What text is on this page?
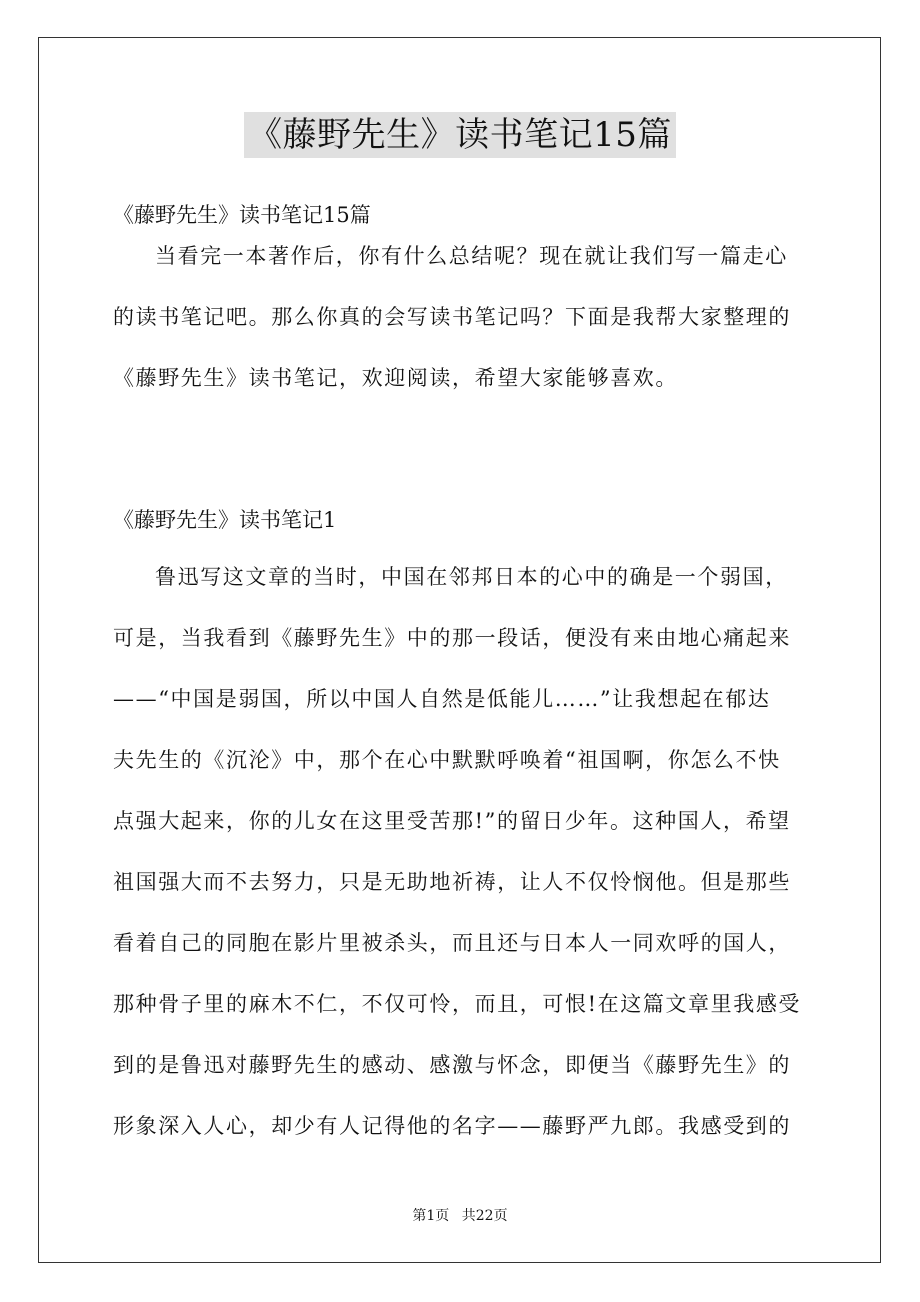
《藤野先生》读书笔记15篇

《藤野先生》读书笔记15篇

当看完一本著作后，你有什么总结呢？现在就让我们写一篇走心
的读书笔记吧。那么你真的会写读书笔记吗？下面是我帮大家整理的
《藤野先生》读书笔记，欢迎阅读，希望大家能够喜欢。

《藤野先生》读书笔记1

鲁迅写这文章的当时，中国在邻邦日本的心中的确是一个弱国，
可是，当我看到《藤野先生》中的那一段话，便没有来由地心痛起来
——“中国是弱国，所以中国人自然是低能儿……”让我想起在郁达
夫先生的《沉沦》中，那个在心中默默呼唤着“祖国啊，你怎么不快
点强大起来，你的儿女在这里受苦那!”的留日少年。这种国人，希望
祖国强大而不去努力，只是无助地祈祷，让人不仅怜悯他。但是那些
看着自己的同胞在影片里被杀头，而且还与日本人一同欢呼的国人，
那种骨子里的麻木不仁，不仅可怜，而且，可恨!在这篇文章里我感受
到的是鲁迅对藤野先生的感动、感激与怀念，即便当《藤野先生》的
形象深入人心，却少有人记得他的名字——藤野严九郎。我感受到的
第1页 共22页
